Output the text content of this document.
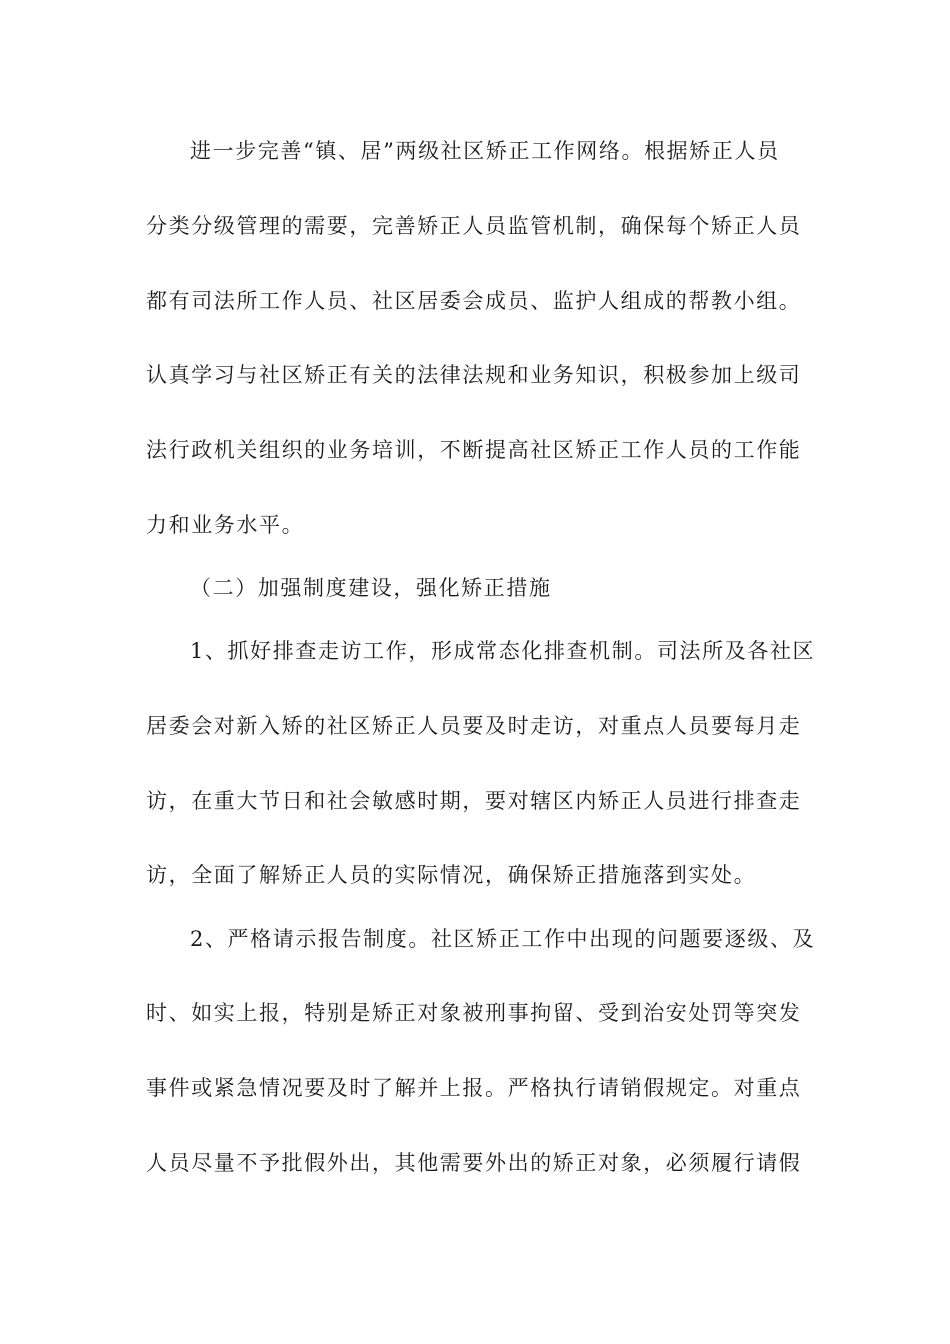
进一步完善“镇、居”两级社区矫正工作网络。根据矫正人员
分类分级管理的需要，完善矫正人员监管机制，确保每个矫正人员
都有司法所工作人员、社区居委会成员、监护人组成的帮教小组。
认真学习与社区矫正有关的法律法规和业务知识，积极参加上级司
法行政机关组织的业务培训，不断提高社区矫正工作人员的工作能
力和业务水平。
（二）加强制度建设，强化矫正措施
1、抓好排查走访工作，形成常态化排查机制。司法所及各社区
居委会对新入矫的社区矫正人员要及时走访，对重点人员要每月走
访，在重大节日和社会敏感时期，要对辖区内矫正人员进行排查走
访，全面了解矫正人员的实际情况，确保矫正措施落到实处。
2、严格请示报告制度。社区矫正工作中出现的问题要逐级、及
时、如实上报，特别是矫正对象被刑事拘留、受到治安处罚等突发
事件或紧急情况要及时了解并上报。严格执行请销假规定。对重点
人员尽量不予批假外出，其他需要外出的矫正对象，必须履行请假
